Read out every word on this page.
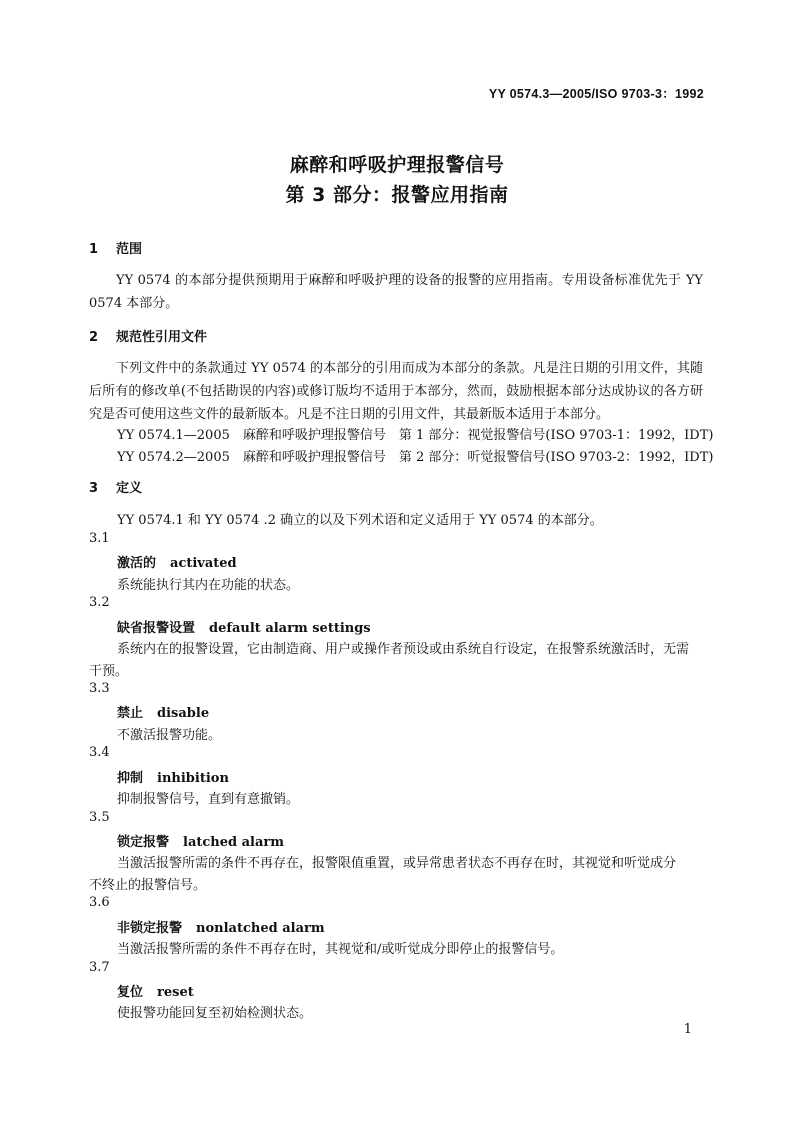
YY 0574.3—2005/ISO 9703-3：1992
麻醉和呼吸护理报警信号
第 3 部分：报警应用指南
1 范围
YY 0574 的本部分提供预期用于麻醉和呼吸护理的设备的报警的应用指南。专用设备标准优先于 YY 0574 本部分。
2 规范性引用文件
下列文件中的条款通过 YY 0574 的本部分的引用而成为本部分的条款。凡是注日期的引用文件，其随后所有的修改单(不包括勘误的内容)或修订版均不适用于本部分，然而，鼓励根据本部分达成协议的各方研究是否可使用这些文件的最新版本。凡是不注日期的引用文件，其最新版本适用于本部分。
YY 0574.1—2005　麻醉和呼吸护理报警信号　第 1 部分：视觉报警信号(ISO 9703-1：1992，IDT)
YY 0574.2—2005　麻醉和呼吸护理报警信号　第 2 部分：听觉报警信号(ISO 9703-2：1992，IDT)
3 定义
YY 0574.1 和 YY 0574 .2 确立的以及下列术语和定义适用于 YY 0574 的本部分。
3.1
激活的 activated
系统能执行其内在功能的状态。
3.2
缺省报警设置 default alarm settings
系统内在的报警设置，它由制造商、用户或操作者预设或由系统自行设定，在报警系统激活时，无需
干预。
3.3
禁止 disable
不激活报警功能。
3.4
抑制 inhibition
抑制报警信号，直到有意撤销。
3.5
锁定报警 latched alarm
当激活报警所需的条件不再存在，报警限值重置，或异常患者状态不再存在时，其视觉和听觉成分
不终止的报警信号。
3.6
非锁定报警 nonlatched alarm
当激活报警所需的条件不再存在时，其视觉和/或听觉成分即停止的报警信号。
3.7
复位 reset
使报警功能回复至初始检测状态。
1
